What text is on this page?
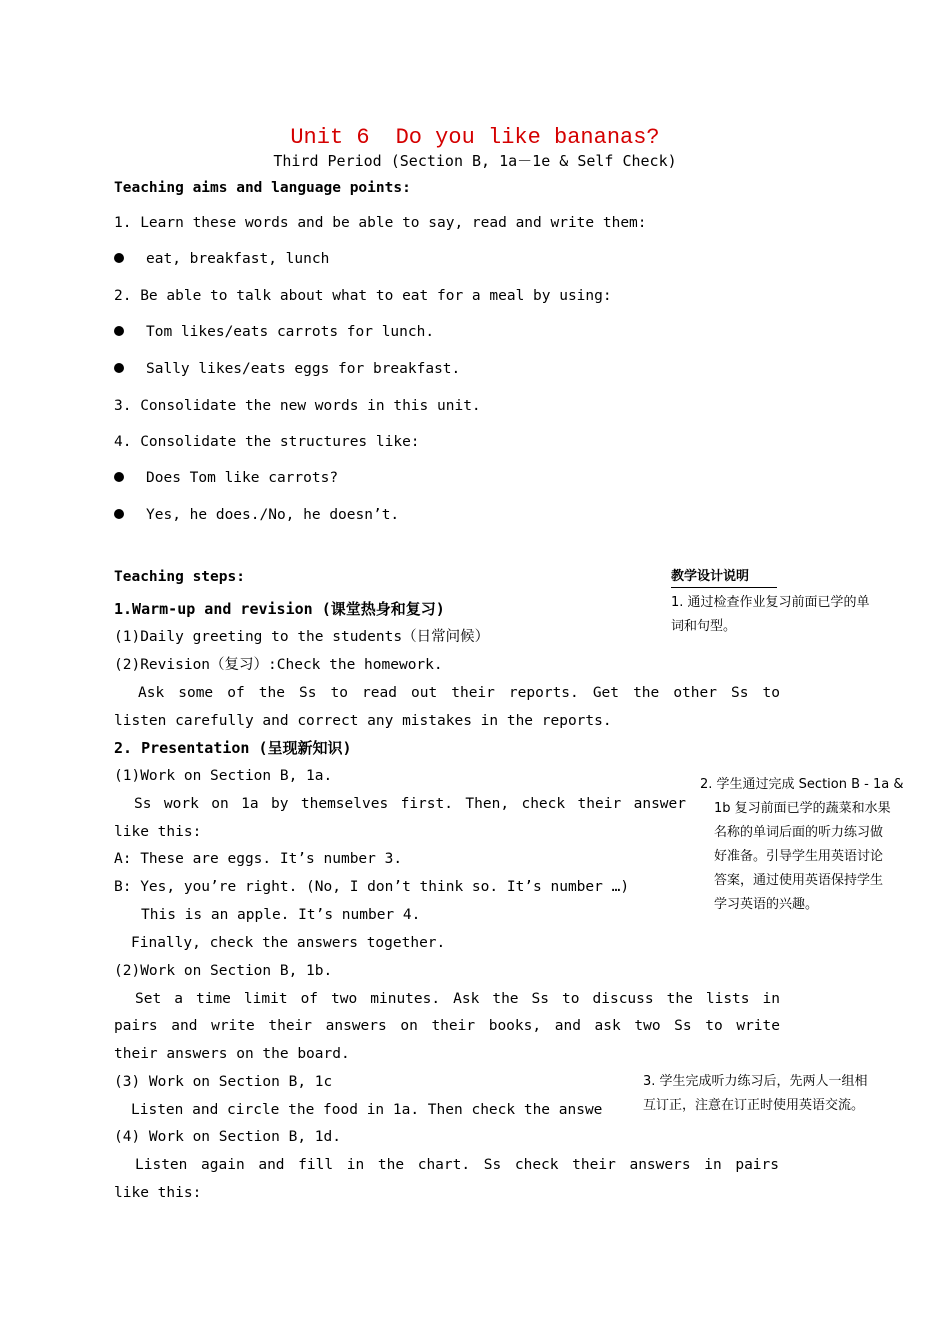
Unit 6 Do you like bananas?
Third Period (Section B, 1a－1e & Self Check)
Teaching aims and language points:
1. Learn these words and be able to say, read and write them:
eat, breakfast, lunch
2. Be able to talk about what to eat for a meal by using:
Tom likes/eats carrots for lunch.
Sally likes/eats eggs for breakfast.
3. Consolidate the new words in this unit.
4. Consolidate the structures like:
Does Tom like carrots?
Yes, he does./No, he doesn’t.
Teaching steps:
1.Warm-up and revision (课堂热身和复习)
(1)Daily greeting to the students（日常问候）
(2)Revision（复习）:Check the homework.
Ask some of the Ss to read out their reports. Get the other Ss to
listen carefully and correct any mistakes in the reports.
2. Presentation (呈现新知识)
(1)Work on Section B, 1a.
Ss work on 1a by themselves first. Then, check their answer
like this:
A: These are eggs. It’s number 3.
B: Yes, you’re right. (No, I don’t think so. It’s number …)
This is an apple. It’s number 4.
Finally, check the answers together.
(2)Work on Section B, 1b.
Set a time limit of two minutes. Ask the Ss to discuss the lists in
pairs and write their answers on their books, and ask two Ss to write
their answers on the board.
(3) Work on Section B, 1c
Listen and circle the food in 1a. Then check the answe
(4) Work on Section B, 1d.
Listen again and fill in the chart. Ss check their answers in pairs
like this:
教学设计说明
1. 通过检查作业复习前面已学的单
词和句型。
2. 学生通过完成 Section B - 1a &
1b 复习前面已学的蔬菜和水果
名称的单词后面的听力练习做
好准备。引导学生用英语讨论
答案，通过使用英语保持学生
学习英语的兴趣。
3. 学生完成听力练习后，先两人一组相
互订正，注意在订正时使用英语交流。
